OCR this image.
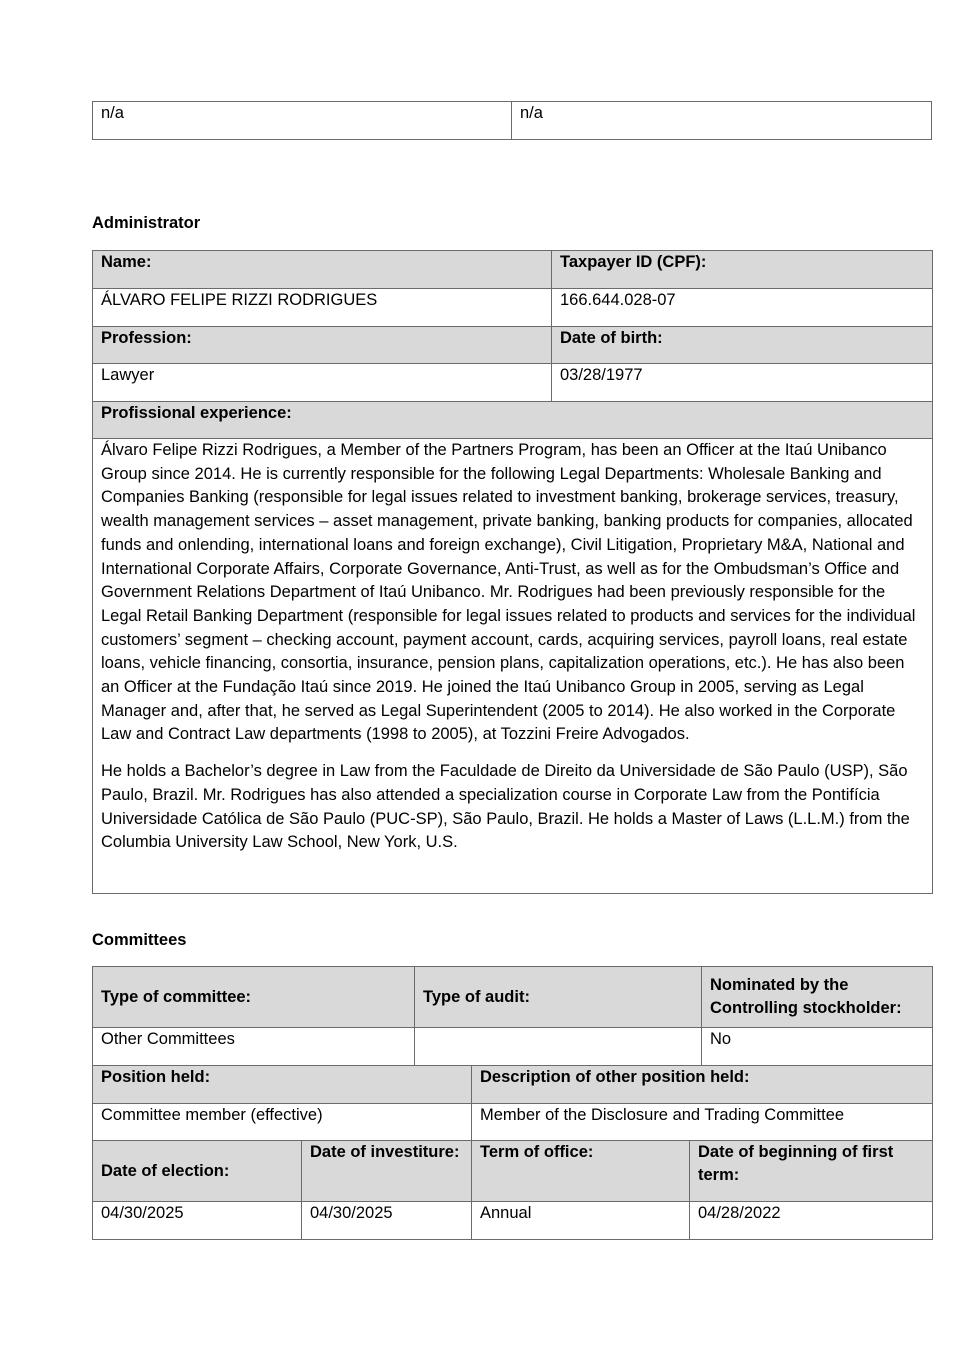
n/a	n/a
Administrator
Name:	Taxpayer ID (CPF):
ÁLVARO FELIPE RIZZI RODRIGUES	166.644.028-07
Profession:	Date of birth:
Lawyer	03/28/1977
Profissional experience:	

Álvaro Felipe Rizzi Rodrigues, a Member of the Partners Program, has been an Officer at the Itaú Unibanco Group since 2014. He is currently responsible for the following Legal Departments: Wholesale Banking and Companies Banking (responsible for legal issues related to investment banking, brokerage services, treasury, wealth management services – asset management, private banking, banking products for companies, allocated funds and onlending, international loans and foreign exchange), Civil Litigation, Proprietary M&A, National and International Corporate Affairs, Corporate Governance, Anti-Trust, as well as for the Ombudsman’s Office and Government Relations Department of Itaú Unibanco. Mr. Rodrigues had been previously responsible for the Legal Retail Banking Department (responsible for legal issues related to products and services for the individual customers’ segment – checking account, payment account, cards, acquiring services, payroll loans, real estate loans, vehicle financing, consortia, insurance, pension plans, capitalization operations, etc.). He has also been an Officer at the Fundação Itaú since 2019. He joined the Itaú Unibanco Group in 2005, serving as Legal Manager and, after that, he served as Legal Superintendent (2005 to 2014). He also worked in the Corporate Law and Contract Law departments (1998 to 2005), at Tozzini Freire Advogados.

He holds a Bachelor’s degree in Law from the Faculdade de Direito da Universidade de São Paulo (USP), São Paulo, Brazil. Mr. Rodrigues has also attended a specialization course in Corporate Law from the Pontifícia Universidade Católica de São Paulo (PUC-SP), São Paulo, Brazil. He holds a Master of Laws (L.L.M.) from the Columbia University Law School, New York, U.S.	

Committees
Type of committee:	Type of audit:	Nominated by the Controlling stockholder:
Other Committees		No
Position held:	Description of other position held:
Committee member (effective)	Member of the Disclosure and Trading Committee
Date of election:	Date of investiture:	Term of office:	Date of beginning of first term:
04/30/2025	04/30/2025	Annual	04/28/2022
